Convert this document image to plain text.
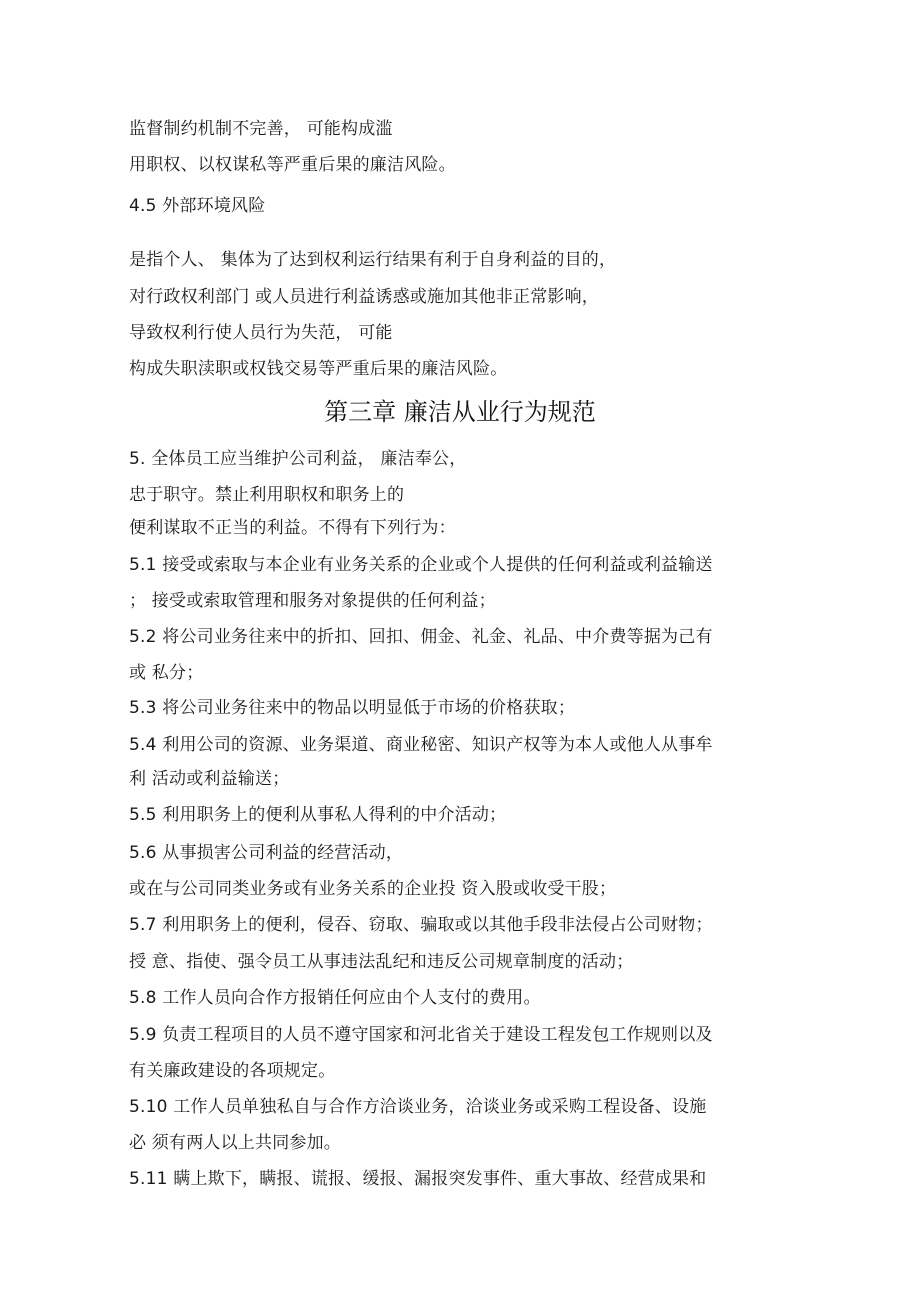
监督制约机制不完善， 可能构成滥
用职权、以权谋私等严重后果的廉洁风险。
4.5 外部环境风险
是指个人、 集体为了达到权利运行结果有利于自身利益的目的，
对行政权利部门 或人员进行利益诱惑或施加其他非正常影响，
导致权利行使人员行为失范， 可能
构成失职渎职或权钱交易等严重后果的廉洁风险。
第三章 廉洁从业行为规范
5. 全体员工应当维护公司利益， 廉洁奉公，
忠于职守。禁止利用职权和职务上的
便利谋取不正当的利益。不得有下列行为：
5.1 接受或索取与本企业有业务关系的企业或个人提供的任何利益或利益输送
； 接受或索取管理和服务对象提供的任何利益；
5.2 将公司业务往来中的折扣、回扣、佣金、礼金、礼品、中介费等据为己有
或 私分；
5.3 将公司业务往来中的物品以明显低于市场的价格获取；
5.4 利用公司的资源、业务渠道、商业秘密、知识产权等为本人或他人从事牟
利 活动或利益输送；
5.5 利用职务上的便利从事私人得利的中介活动；
5.6 从事损害公司利益的经营活动，
或在与公司同类业务或有业务关系的企业投 资入股或收受干股；
5.7 利用职务上的便利，侵吞、窃取、骗取或以其他手段非法侵占公司财物；
授 意、指使、强令员工从事违法乱纪和违反公司规章制度的活动；
5.8 工作人员向合作方报销任何应由个人支付的费用。
5.9 负责工程项目的人员不遵守国家和河北省关于建设工程发包工作规则以及
有关廉政建设的各项规定。
5.10 工作人员单独私自与合作方洽谈业务，洽谈业务或采购工程设备、设施
必 须有两人以上共同参加。
5.11 瞒上欺下，瞒报、谎报、缓报、漏报突发事件、重大事故、经营成果和
